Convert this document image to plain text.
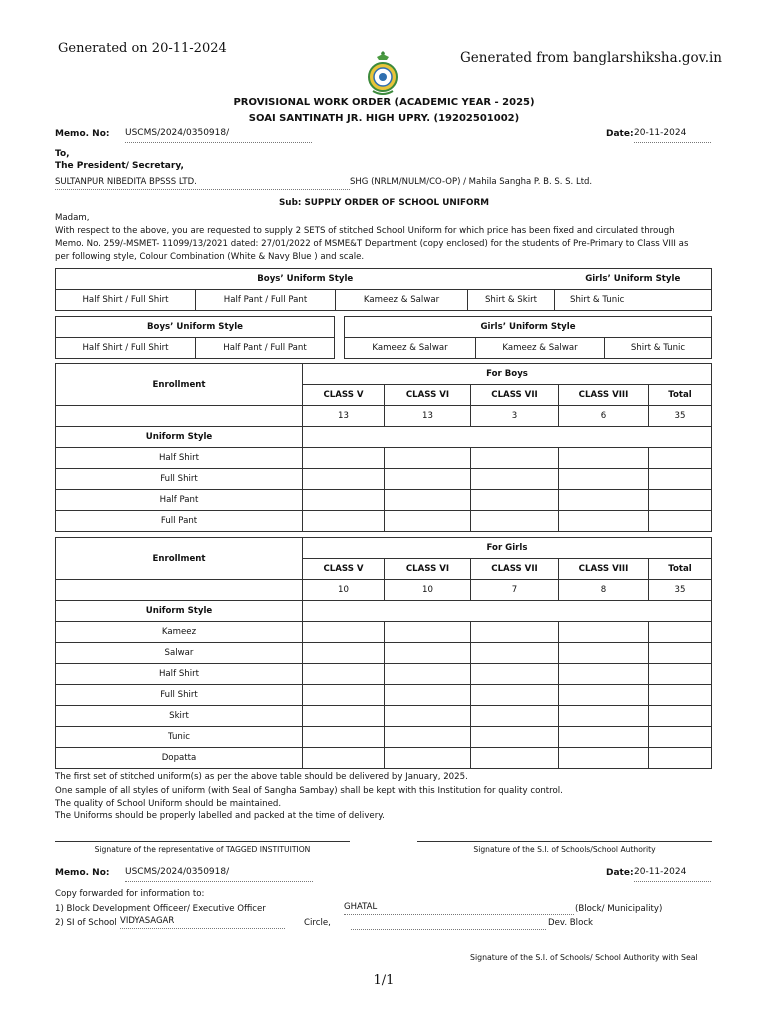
Generated on 20-11-2024
Generated from banglarshiksha.gov.in
PROVISIONAL WORK ORDER (ACADEMIC YEAR - 2025)
SOAI SANTINATH JR. HIGH UPRY. (19202501002)
Memo. No: USCMS/2024/0350918/	Date: 20-11-2024
To,
The President/ Secretary,
SULTANPUR NIBEDITA BPSSS LTD.	SHG (NRLM/NULM/CO-OP) / Mahila Sangha P. B. S. S. Ltd.
Sub: SUPPLY ORDER OF SCHOOL UNIFORM
Madam,
With respect to the above, you are requested to supply 2 SETS of stitched School Uniform for which price has been fixed and circulated through
Memo. No. 259/-MSMET- 11099/13/2021 dated: 27/01/2022 of MSME&T Department (copy enclosed) for the students of Pre-Primary to Class VIII as
per following style, Colour Combination (White & Navy Blue ) and scale.
Boys’ Uniform Style				Girls’ Uniform Style
Half Shirt / Full Shirt	Half Pant / Full Pant	Kameez & Salwar	Shirt & Skirt	Shirt & Tunic
Boys’ Uniform Style
Half Shirt / Full Shirt	Half Pant / Full Pant
Girls’ Uniform Style
Kameez & Salwar	Kameez & Salwar	Shirt & Tunic
Enrollment	For Boys				
	CLASS V	CLASS VI	CLASS VII	CLASS VIII	Total
	13	13	3	6	35
Uniform Style					
Half Shirt					
Full Shirt					
Half Pant					
Full Pant					
Enrollment	For Girls				
	CLASS V	CLASS VI	CLASS VII	CLASS VIII	Total
	10	10	7	8	35
Uniform Style					
Kameez					
Salwar					
Half Shirt					
Full Shirt					
Skirt					
Tunic					
Dopatta					
The first set of stitched uniform(s) as per the above table should be delivered by January, 2025.
One sample of all styles of uniform (with Seal of Sangha Sambay) shall be kept with this Institution for quality control.
The quality of School Uniform should be maintained.
The Uniforms should be properly labelled and packed at the time of delivery.
Signature of the representative of TAGGED INSTITUITION	Signature of the S.I. of Schools/School Authority
Memo. No: USCMS/2024/0350918/	Date: 20-11-2024
Copy forwarded for information to:
1) Block Development Officeer/ Executive Officer	GHATAL	(Block/ Municipality)
2) SI of School VIDYASAGAR	Circle,	Dev. Block
Signature of the S.I. of Schools/ School Authority with Seal
1/1
